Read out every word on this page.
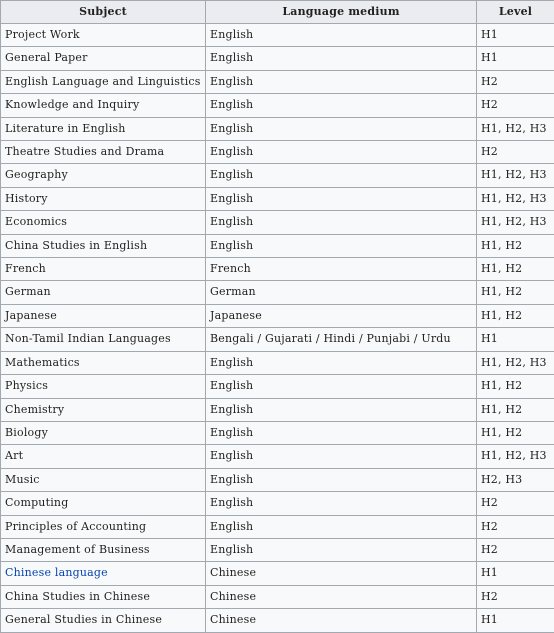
Subject	Language medium	Level
Project Work	English	H1
General Paper	English	H1
English Language and Linguistics	English	H2
Knowledge and Inquiry	English	H2
Literature in English	English	H1, H2, H3
Theatre Studies and Drama	English	H2
Geography	English	H1, H2, H3
History	English	H1, H2, H3
Economics	English	H1, H2, H3
China Studies in English	English	H1, H2
French	French	H1, H2
German	German	H1, H2
Japanese	Japanese	H1, H2
Non-Tamil Indian Languages	Bengali / Gujarati / Hindi / Punjabi / Urdu	H1
Mathematics	English	H1, H2, H3
Physics	English	H1, H2
Chemistry	English	H1, H2
Biology	English	H1, H2
Art	English	H1, H2, H3
Music	English	H2, H3
Computing	English	H2
Principles of Accounting	English	H2
Management of Business	English	H2
Chinese language	Chinese	H1
China Studies in Chinese	Chinese	H2
General Studies in Chinese	Chinese	H1
